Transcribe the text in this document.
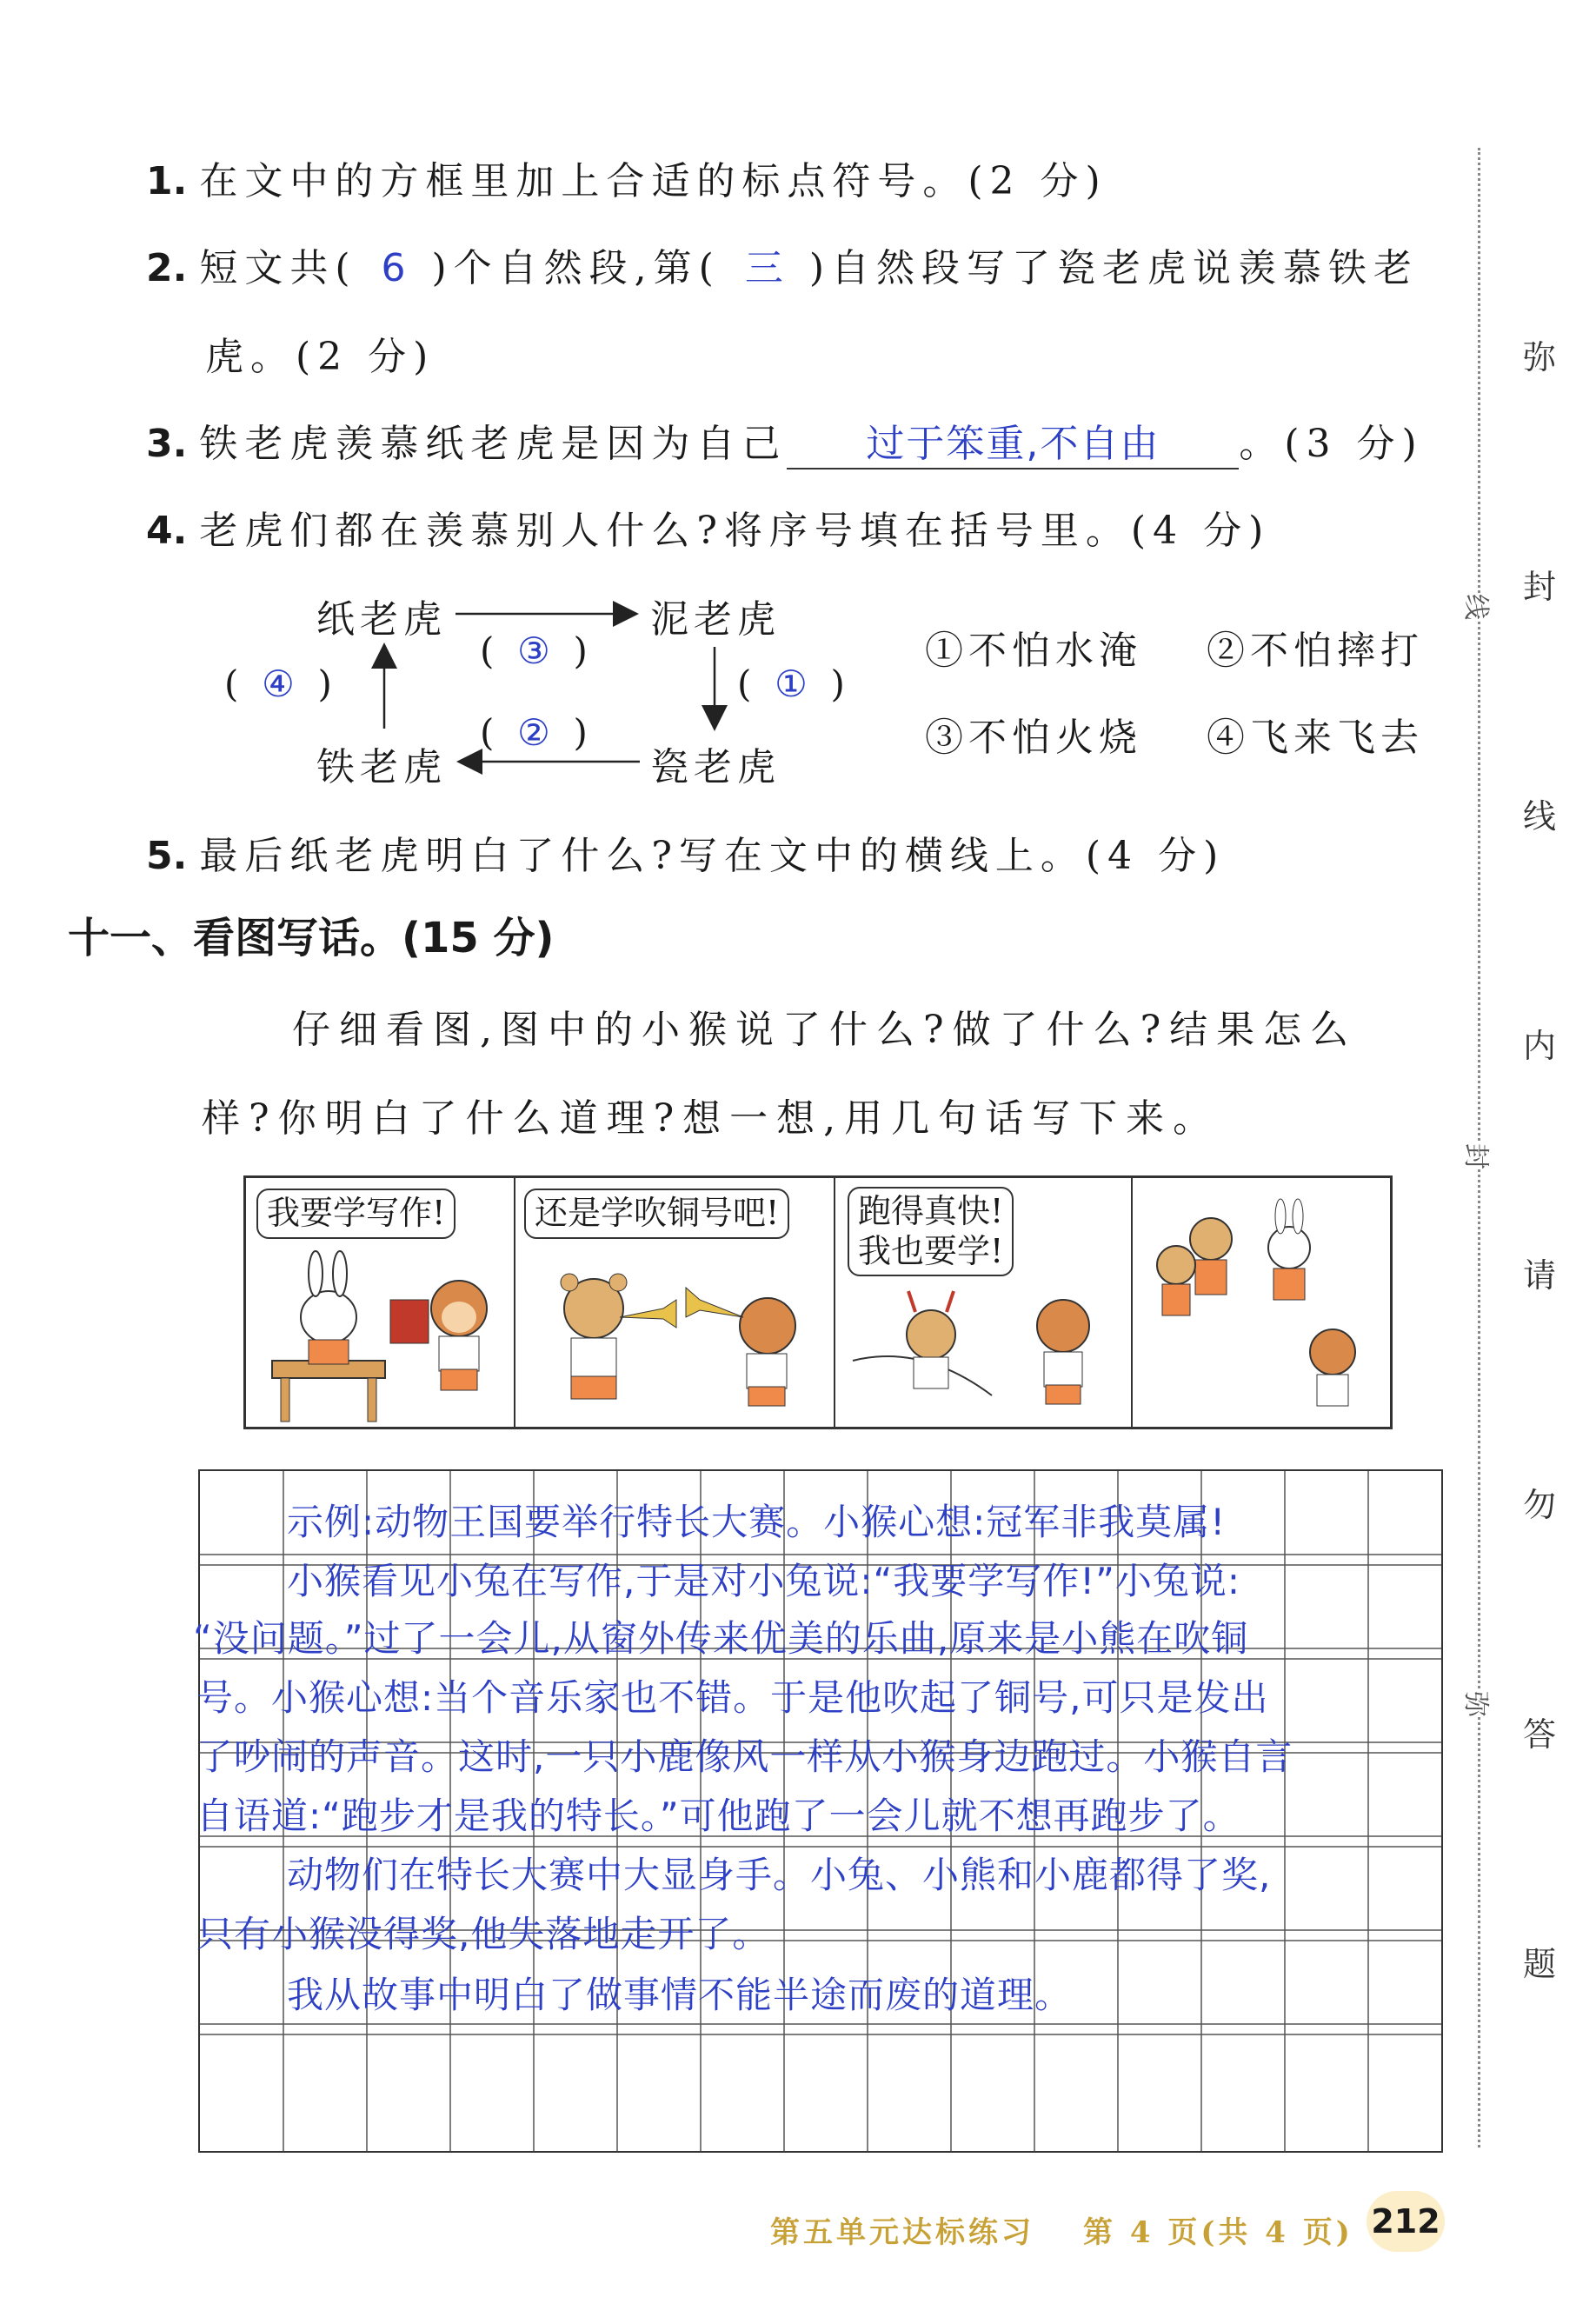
1. 在文中的方框里加上合适的标点符号。(2 分)
2. 短文共( 6 )个自然段,第( 三 )自然段写了瓷老虎说羡慕铁老
虎。(2 分)
3. 铁老虎羡慕纸老虎是因为自己 过于笨重,不自由 。(3 分)
4. 老虎们都在羡慕别人什么?将序号填在括号里。(4 分)
纸老虎	泥老虎
铁老虎	瓷老虎
(  ③  )
(  ①  )
(  ②  )
(  ④  )
①不怕水淹 ②不怕摔打
③不怕火烧 ④飞来飞去
5. 最后纸老虎明白了什么?写在文中的横线上。(4 分)
十一、看图写话。(15 分)
仔细看图,图中的小猴说了什么?做了什么?结果怎么
样?你明白了什么道理?想一想,用几句话写下来。
我要学写作!	还是学吹铜号吧!	跑得真快!
我也要学!
示例:动物王国要举行特长大赛。小猴心想:冠军非我莫属!
小猴看见小兔在写作,于是对小兔说:“我要学写作!”小兔说:
“没问题。”过了一会儿,从窗外传来优美的乐曲,原来是小熊在吹铜
号。小猴心想:当个音乐家也不错。于是他吹起了铜号,可只是发出
了吵闹的声音。这时,一只小鹿像风一样从小猴身边跑过。小猴自言
自语道:“跑步才是我的特长。”可他跑了一会儿就不想再跑步了。
动物们在特长大赛中大显身手。小兔、小熊和小鹿都得了奖,
只有小猴没得奖,他失落地走开了。
我从故事中明白了做事情不能半途而废的道理。
弥
封
线
内
请
勿
答
题
线
封
弥
第五单元达标练习 第 4 页(共 4 页) 212
